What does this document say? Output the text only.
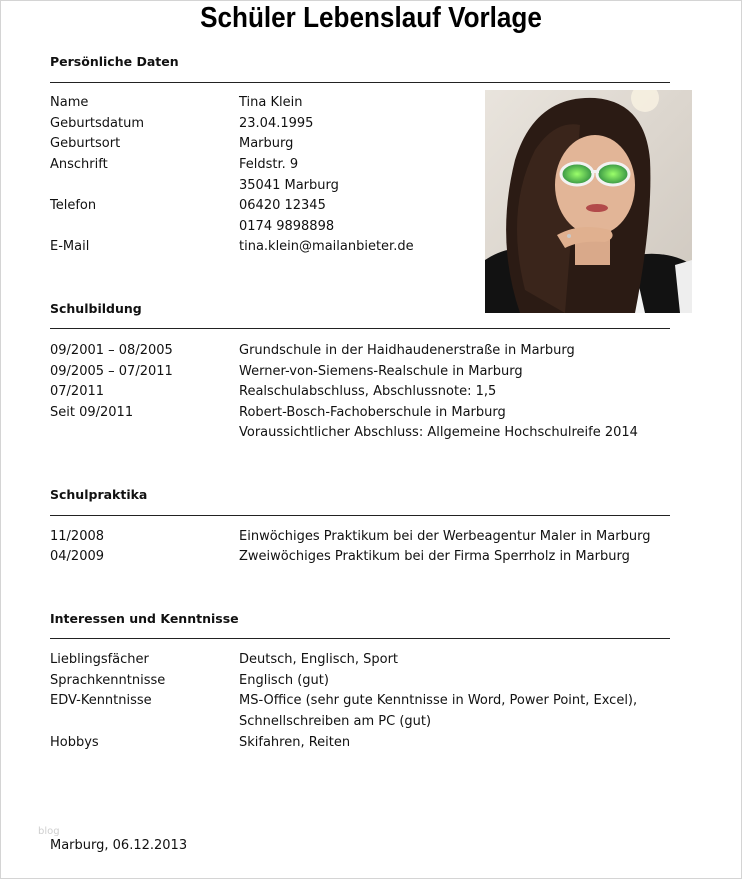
Schüler Lebenslauf Vorlage
Persönliche Daten
Name	Tina Klein
Geburtsdatum	23.04.1995
Geburtsort	Marburg
Anschrift	Feldstr. 9
35041 Marburg
Telefon	06420 12345
0174 9898898
E-Mail	tina.klein@mailanbieter.de
Schulbildung
09/2001 – 08/2005	Grundschule in der Haidhaudenerstraße in Marburg
09/2005 – 07/2011	Werner-von-Siemens-Realschule in Marburg
07/2011	Realschulabschluss, Abschlussnote: 1,5
Seit 09/2011	Robert-Bosch-Fachoberschule in Marburg
Voraussichtlicher Abschluss: Allgemeine Hochschulreife 2014
Schulpraktika
11/2008	Einwöchiges Praktikum bei der Werbeagentur Maler in Marburg
04/2009	Zweiwöchiges Praktikum bei der Firma Sperrholz in Marburg
Interessen und Kenntnisse
Lieblingsfächer	Deutsch, Englisch, Sport
Sprachkenntnisse	Englisch (gut)
EDV-Kenntnisse	MS-Office (sehr gute Kenntnisse in Word, Power Point, Excel),
Schnellschreiben am PC (gut)
Hobbys	Skifahren, Reiten
blog
Marburg, 06.12.2013
